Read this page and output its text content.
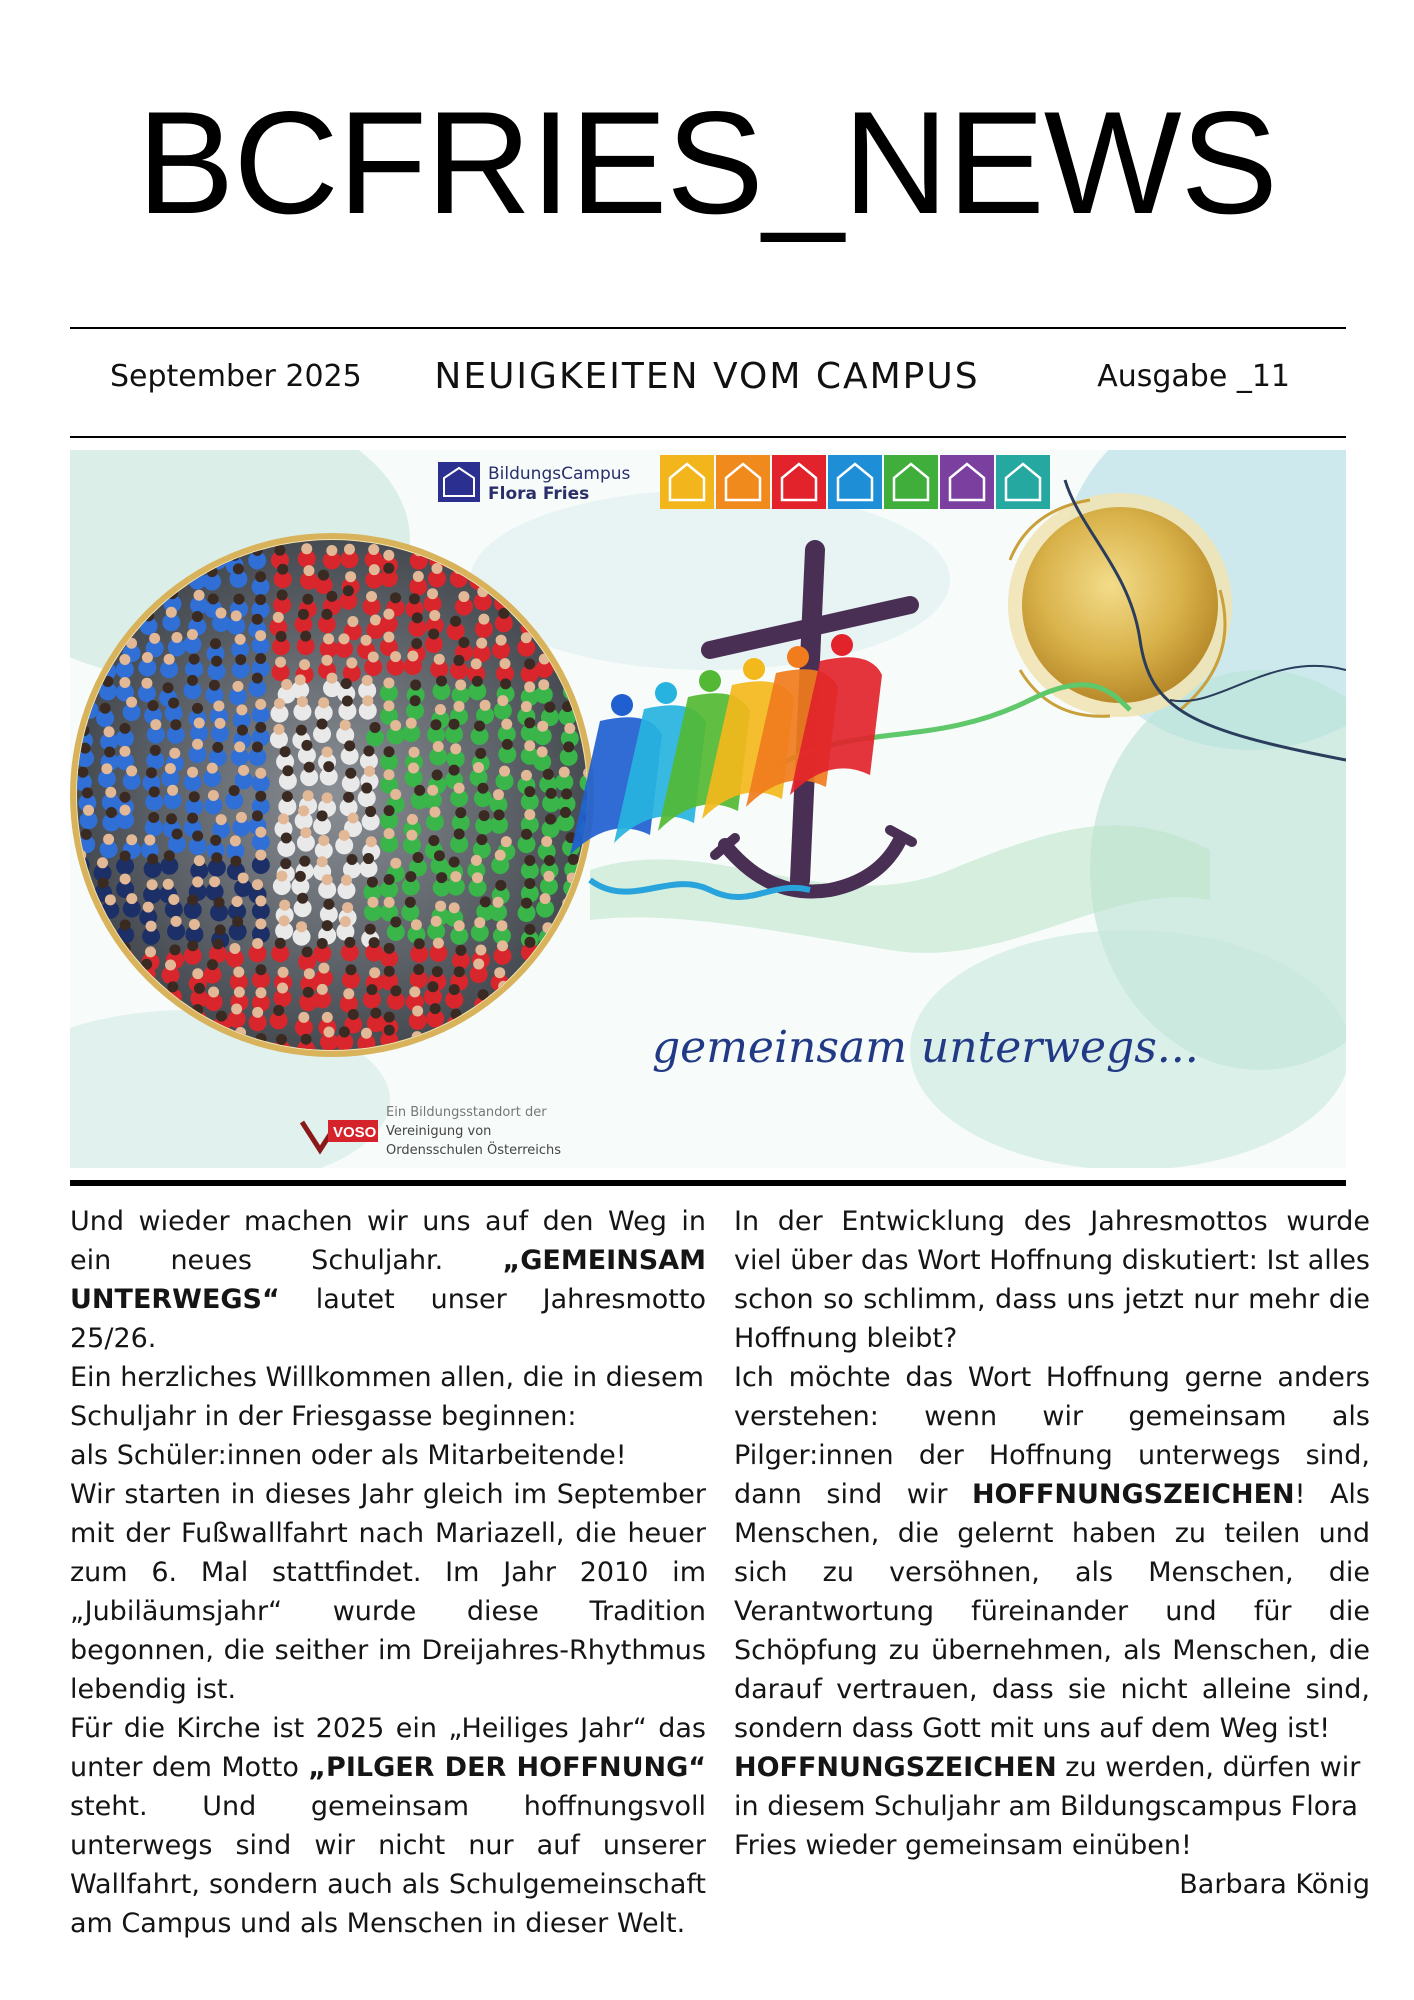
BCFRIES_NEWS
September 2025	NEUIGKEITEN VOM CAMPUS	Ausgabe _11
BildungsCampus
Flora Fries
gemeinsam unterwegs...
VOSO
Ein Bildungsstandort der
Vereinigung von
Ordensschulen Österreichs

Und wieder machen wir uns auf den Weg in ein neues Schuljahr. „GEMEINSAM UNTERWEGS“ lautet unser Jahresmotto 25/26.

Ein herzliches Willkommen allen, die in diesem Schuljahr in der Friesgasse beginnen:

als Schüler:innen oder als Mitarbeitende!

Wir starten in dieses Jahr gleich im September mit der Fußwallfahrt nach Mariazell, die heuer zum 6. Mal stattfindet. Im Jahr 2010 im „Jubiläumsjahr“ wurde diese Tradition begonnen, die seither im Dreijahres-Rhythmus lebendig ist.

Für die Kirche ist 2025 ein „Heiliges Jahr“ das unter dem Motto „PILGER DER HOFFNUNG“ steht. Und gemeinsam hoffnungsvoll unterwegs sind wir nicht nur auf unserer Wallfahrt, sondern auch als Schulgemeinschaft am Campus und als Menschen in dieser Welt.

In der Entwicklung des Jahresmottos wurde viel über das Wort Hoffnung diskutiert: Ist alles schon so schlimm, dass uns jetzt nur mehr die Hoffnung bleibt?

Ich möchte das Wort Hoffnung gerne anders verstehen: wenn wir gemeinsam als Pilger:innen der Hoffnung unterwegs sind, dann sind wir HOFFNUNGSZEICHEN! Als Menschen, die gelernt haben zu teilen und sich zu versöhnen, als Menschen, die Verantwortung füreinander und für die Schöpfung zu übernehmen, als Menschen, die darauf vertrauen, dass sie nicht alleine sind, sondern dass Gott mit uns auf dem Weg ist!

HOFFNUNGSZEICHEN zu werden, dürfen wir in diesem Schuljahr am Bildungscampus Flora Fries wieder gemeinsam einüben!

Barbara König
